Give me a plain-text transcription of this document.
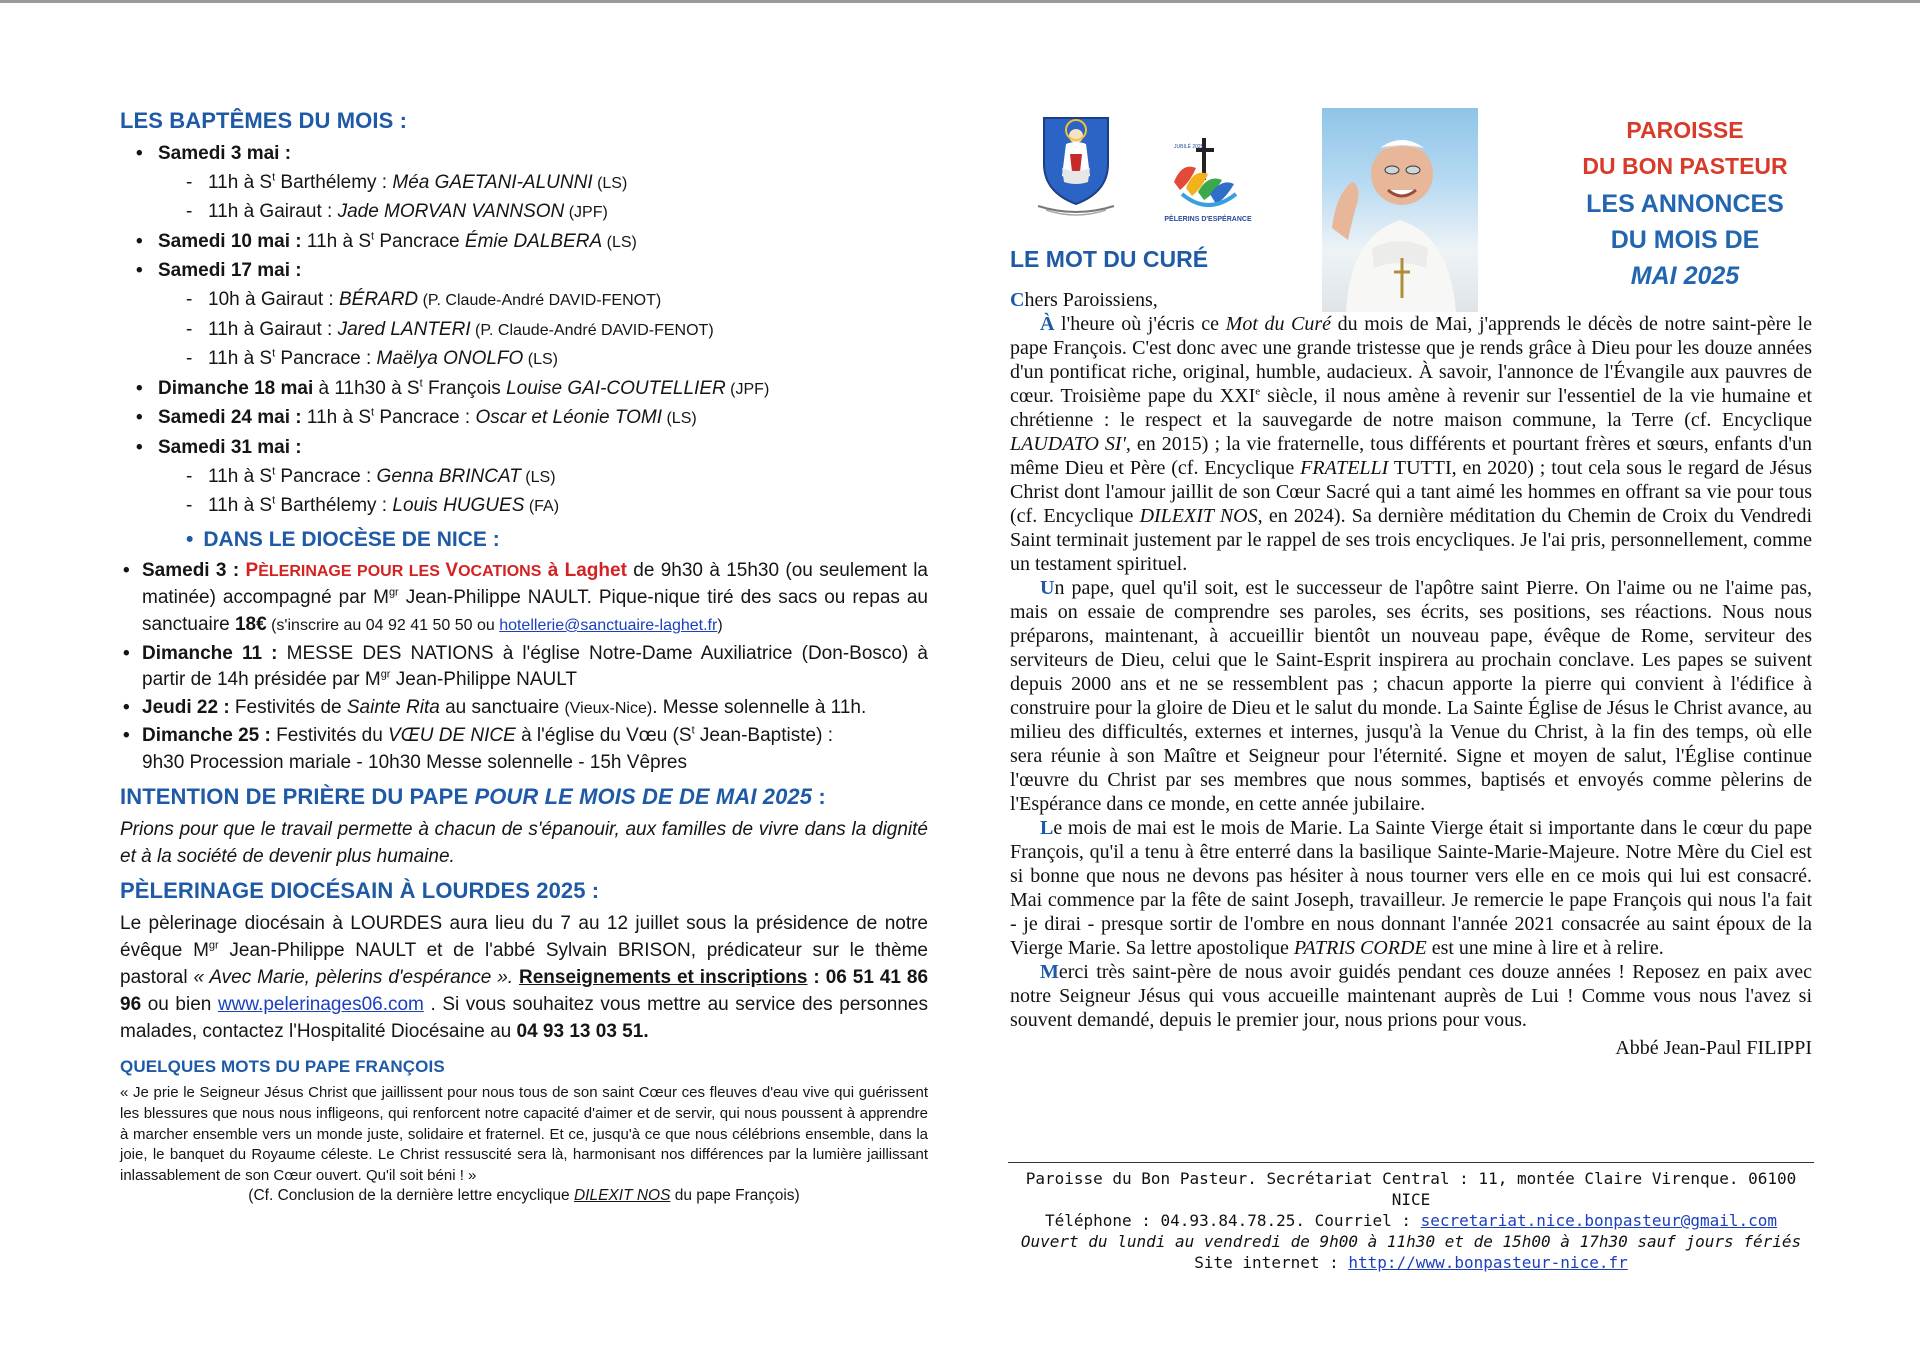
LES BAPTÊMES DU MOIS :
• Samedi 3 mai :
- 11h à $S^t$ Barthélemy : Méa GAETANI-ALUNNI (LS)
- 11h à Gairaut : Jade MORVAN VANNSON (JPF)
• Samedi 10 mai : 11h à $S^t$ Pancrace Émie DALBERA (LS)
• Samedi 17 mai :
- 10h à Gairaut : BÉRARD (P. Claude-André DAVID-FENOT)
- 11h à Gairaut : Jared LANTERI (P. Claude-André DAVID-FENOT)
- 11h à $S^t$ Pancrace : Maëlya ONOLFO (LS)
• Dimanche 18 mai à 11h30 à $S^t$ François Louise GAI-COUTELLIER (JPF)
• Samedi 24 mai : 11h à $S^t$ Pancrace : Oscar et Léonie TOMI (LS)
• Samedi 31 mai :
- 11h à $S^t$ Pancrace : Genna BRINCAT (LS)
- 11h à $S^t$ Barthélemy : Louis HUGUES (FA)
• DANS LE DIOCÈSE DE NICE :
• Samedi 3 : PÈLERINAGE POUR LES VOCATIONS à Laghet de 9h30 à 15h30 (ou seulement la matinée) accompagné par $M^{gr}$ Jean-Philippe NAULT. Pique-nique tiré des sacs ou repas au sanctuaire 18€ (s'inscrire au 04 92 41 50 50 ou hotellerie@sanctuaire-laghet.fr)
• Dimanche 11 : MESSE DES NATIONS à l'église Notre-Dame Auxiliatrice (Don-Bosco) à partir de 14h présidée par $M^{gr}$ Jean-Philippe NAULT
• Jeudi 22 : Festivités de Sainte Rita au sanctuaire (Vieux-Nice). Messe solennelle à 11h.
• Dimanche 25 : Festivités du VŒU DE NICE à l'église du Vœu ($S^t$ Jean-Baptiste) :
9h30 Procession mariale - 10h30 Messe solennelle - 15h Vêpres
INTENTION DE PRIÈRE DU PAPE POUR LE MOIS DE DE MAI 2025 :

Prions pour que le travail permette à chacun de s'épanouir, aux familles de vivre dans la dignité et à la société de devenir plus humaine.

PÈLERINAGE DIOCÉSAIN À LOURDES 2025 :

Le pèlerinage diocésain à LOURDES aura lieu du 7 au 12 juillet sous la présidence de notre évêque $M^{gr}$ Jean-Philippe NAULT et de l'abbé Sylvain BRISON, prédicateur sur le thème pastoral « Avec Marie, pèlerins d'espérance ». Renseignements et inscriptions : 06 51 41 86 96 ou bien www.pelerinages06.com . Si vous souhaitez vous mettre au service des personnes malades, contactez l'Hospitalité Diocésaine au 04 93 13 03 51.

QUELQUES MOTS DU PAPE FRANÇOIS

« Je prie le Seigneur Jésus Christ que jaillissent pour nous tous de son saint Cœur ces fleuves d'eau vive qui guérissent les blessures que nous nous infligeons, qui renforcent notre capacité d'aimer et de servir, qui nous poussent à apprendre à marcher ensemble vers un monde juste, solidaire et fraternel. Et ce, jusqu'à ce que nous célébrions ensemble, dans la joie, le banquet du Royaume céleste. Le Christ ressuscité sera là, harmonisant nos différences par la lumière jaillissant inlassablement de son Cœur ouvert. Qu'il soit béni ! »

(Cf. Conclusion de la dernière lettre encyclique DILEXIT NOS du pape François)

PÈLERINS D'ESPÉRANCE
JUBILÉ 2025
PAROISSE
DU BON PASTEUR
LES ANNONCES
DU MOIS DE
MAI 2025
LE MOT DU CURÉ

Chers Paroissiens,

À l'heure où j'écris ce Mot du Curé du mois de Mai, j'apprends le décès de notre saint-père le pape François. C'est donc avec une grande tristesse que je rends grâce à Dieu pour les douze années d'un pontificat riche, original, humble, audacieux. À savoir, l'annonce de l'Évangile aux pauvres de cœur. Troisième pape du XXIe siècle, il nous amène à revenir sur l'essentiel de la vie humaine et chrétienne : le respect et la sauvegarde de notre maison commune, la Terre (cf. Encyclique LAUDATO SI', en 2015) ; la vie fraternelle, tous différents et pourtant frères et sœurs, enfants d'un même Dieu et Père (cf. Encyclique FRATELLI TUTTI, en 2020) ; tout cela sous le regard de Jésus Christ dont l'amour jaillit de son Cœur Sacré qui a tant aimé les hommes en offrant sa vie pour tous (cf. Encyclique DILEXIT NOS, en 2024). Sa dernière méditation du Chemin de Croix du Vendredi Saint terminait justement par le rappel de ses trois encycliques. Je l'ai pris, personnellement, comme un testament spirituel.

Un pape, quel qu'il soit, est le successeur de l'apôtre saint Pierre. On l'aime ou ne l'aime pas, mais on essaie de comprendre ses paroles, ses écrits, ses positions, ses réactions. Nous nous préparons, maintenant, à accueillir bientôt un nouveau pape, évêque de Rome, serviteur des serviteurs de Dieu, celui que le Saint-Esprit inspirera au prochain conclave. Les papes se suivent depuis 2000 ans et ne se ressemblent pas ; chacun apporte la pierre qui convient à l'édifice à construire pour la gloire de Dieu et le salut du monde. La Sainte Église de Jésus le Christ avance, au milieu des difficultés, externes et internes, jusqu'à la Venue du Christ, à la fin des temps, où elle sera réunie à son Maître et Seigneur pour l'éternité. Signe et moyen de salut, l'Église continue l'œuvre du Christ par ses membres que nous sommes, baptisés et envoyés comme pèlerins de l'Espérance dans ce monde, en cette année jubilaire.

Le mois de mai est le mois de Marie. La Sainte Vierge était si importante dans le cœur du pape François, qu'il a tenu à être enterré dans la basilique Sainte-Marie-Majeure. Notre Mère du Ciel est si bonne que nous ne devons pas hésiter à nous tourner vers elle en ce mois qui lui est consacré. Mai commence par la fête de saint Joseph, travailleur. Je remercie le pape François qui nous l'a fait - je dirai - presque sortir de l'ombre en nous donnant l'année 2021 consacrée au saint époux de la Vierge Marie. Sa lettre apostolique PATRIS CORDE est une mine à lire et à relire.

Merci très saint-père de nous avoir guidés pendant ces douze années ! Reposez en paix avec notre Seigneur Jésus qui vous accueille maintenant auprès de Lui ! Comme vous nous l'avez si souvent demandé, depuis le premier jour, nous prions pour vous.

Abbé Jean-Paul FILIPPI

Paroisse du Bon Pasteur. Secrétariat Central : 11, montée Claire Virenque. 06100 NICE
Téléphone : 04.93.84.78.25. Courriel : secretariat.nice.bonpasteur@gmail.com
Ouvert du lundi au vendredi de 9h00 à 11h30 et de 15h00 à 17h30 sauf jours fériés
Site internet : http://www.bonpasteur-nice.fr
